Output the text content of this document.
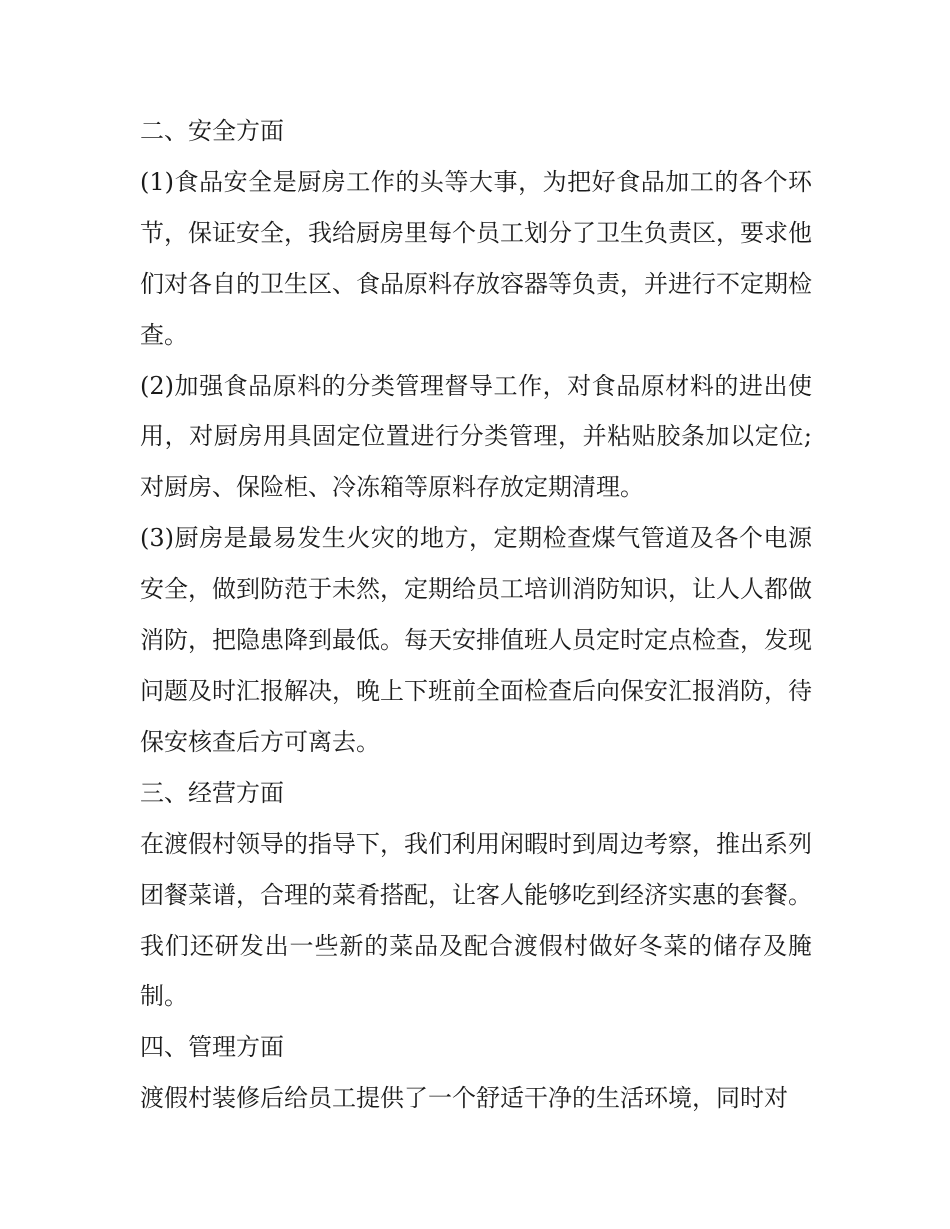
二、安全方面

(1)食品安全是厨房工作的头等大事，为把好食品加工的各个环节，保证安全，我给厨房里每个员工划分了卫生负责区，要求他们对各自的卫生区、食品原料存放容器等负责，并进行不定期检查。

(2)加强食品原料的分类管理督导工作，对食品原材料的进出使用，对厨房用具固定位置进行分类管理，并粘贴胶条加以定位;对厨房、保险柜、冷冻箱等原料存放定期清理。

(3)厨房是最易发生火灾的地方，定期检查煤气管道及各个电源安全，做到防范于未然，定期给员工培训消防知识，让人人都做消防，把隐患降到最低。每天安排值班人员定时定点检查，发现问题及时汇报解决，晚上下班前全面检查后向保安汇报消防，待保安核查后方可离去。

三、经营方面

在渡假村领导的指导下，我们利用闲暇时到周边考察，推出系列团餐菜谱，合理的菜肴搭配，让客人能够吃到经济实惠的套餐。我们还研发出一些新的菜品及配合渡假村做好冬菜的储存及腌制。

四、管理方面

渡假村装修后给员工提供了一个舒适干净的生活环境，同时对
